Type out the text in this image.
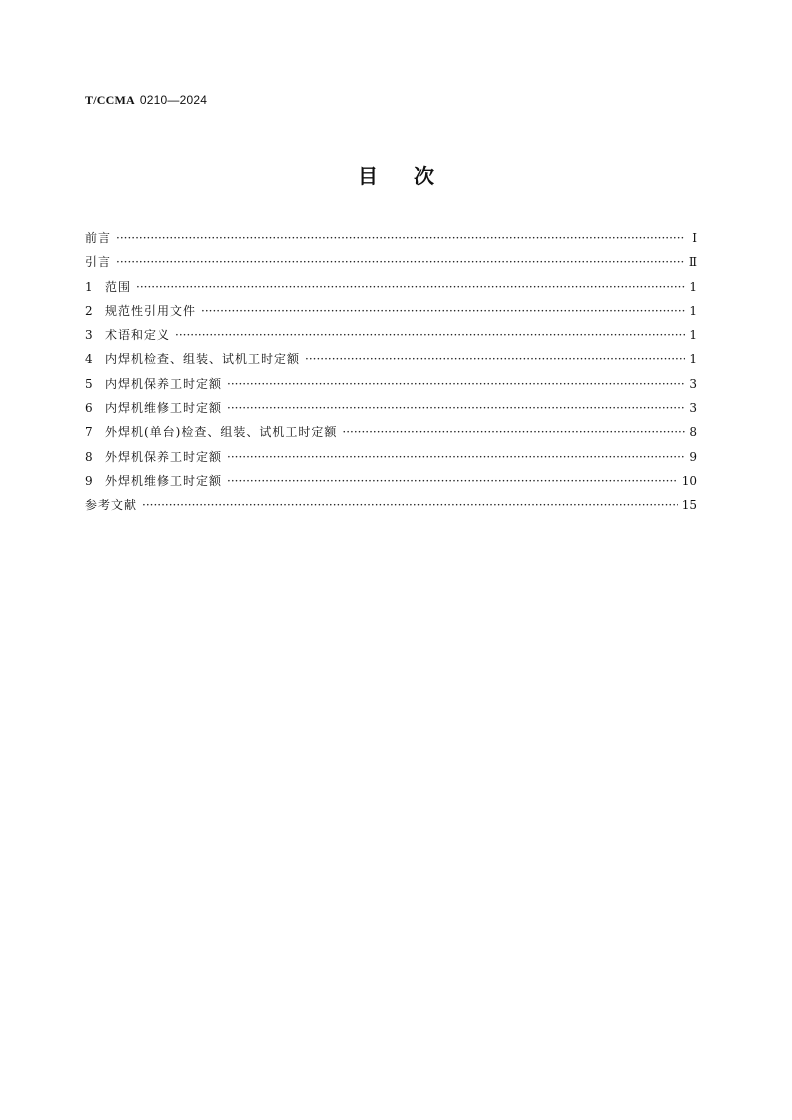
T/CCMA 0210—2024
目次
前言 ·····	Ⅰ
引言 ·····	Ⅱ
1	范围 ·····	1
2	规范性引用文件 ·····	1
3	术语和定义 ·····	1
4	内焊机检查、组装、试机工时定额 ·····	1
5	内焊机保养工时定额 ·····	3
6	内焊机维修工时定额 ·····	3
7	外焊机(单台)检查、组装、试机工时定额 ·····	8
8	外焊机保养工时定额 ·····	9
9	外焊机维修工时定额 ·····	10
参考文献 ·····	15
